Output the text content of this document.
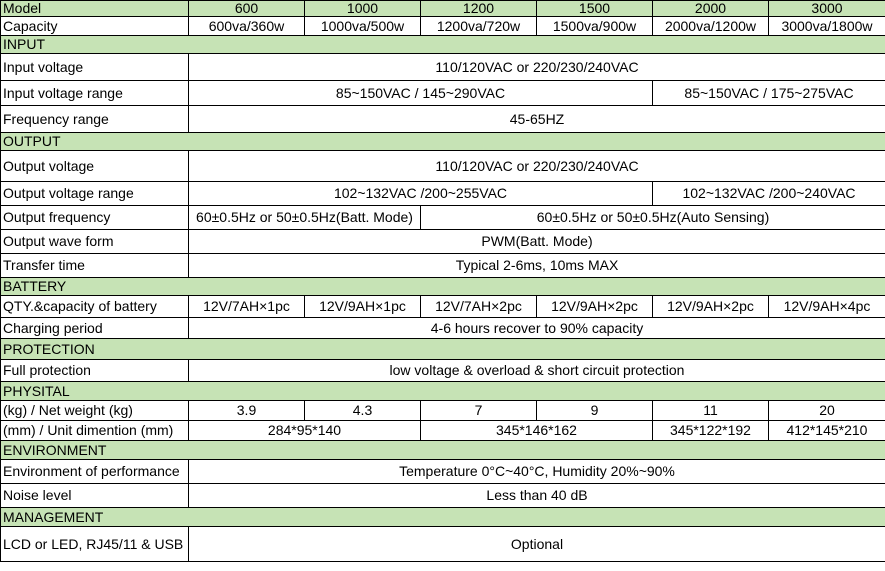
Model	600	1000	1200	1500	2000	3000
Capacity	600va/360w	1000va/500w	1200va/720w	1500va/900w	2000va/1200w	3000va/1800w
INPUT						
Input voltage	110/120VAC or 220/230/240VAC					
Input voltage range	85~150VAC / 145~290VAC				85~150VAC / 175~275VAC	
Frequency range	45-65HZ					
OUTPUT						
Output voltage	110/120VAC or 220/230/240VAC					
Output voltage range	102~132VAC /200~255VAC				102~132VAC /200~240VAC	
Output frequency	60±0.5Hz or 50±0.5Hz(Batt. Mode)		60±0.5Hz or 50±0.5Hz(Auto Sensing)			
Output wave form	PWM(Batt. Mode)					
Transfer time	Typical 2-6ms, 10ms MAX					
BATTERY						
QTY.&capacity of battery	12V/7AH×1pc	12V/9AH×1pc	12V/7AH×2pc	12V/9AH×2pc	12V/9AH×2pc	12V/9AH×4pc
Charging period	4-6 hours recover to 90% capacity					
PROTECTION						
Full protection	low voltage & overload & short circuit protection					
PHYSITAL						
(kg) / Net weight (kg)	3.9	4.3	7	9	11	20
(mm) / Unit dimention (mm)	284*95*140		345*146*162		345*122*192	412*145*210
ENVIRONMENT						
Environment of performance	Temperature 0°C~40°C, Humidity 20%~90%					
Noise level	Less than 40 dB					
MANAGEMENT						
LCD or LED, RJ45/11 & USB	Optional					
